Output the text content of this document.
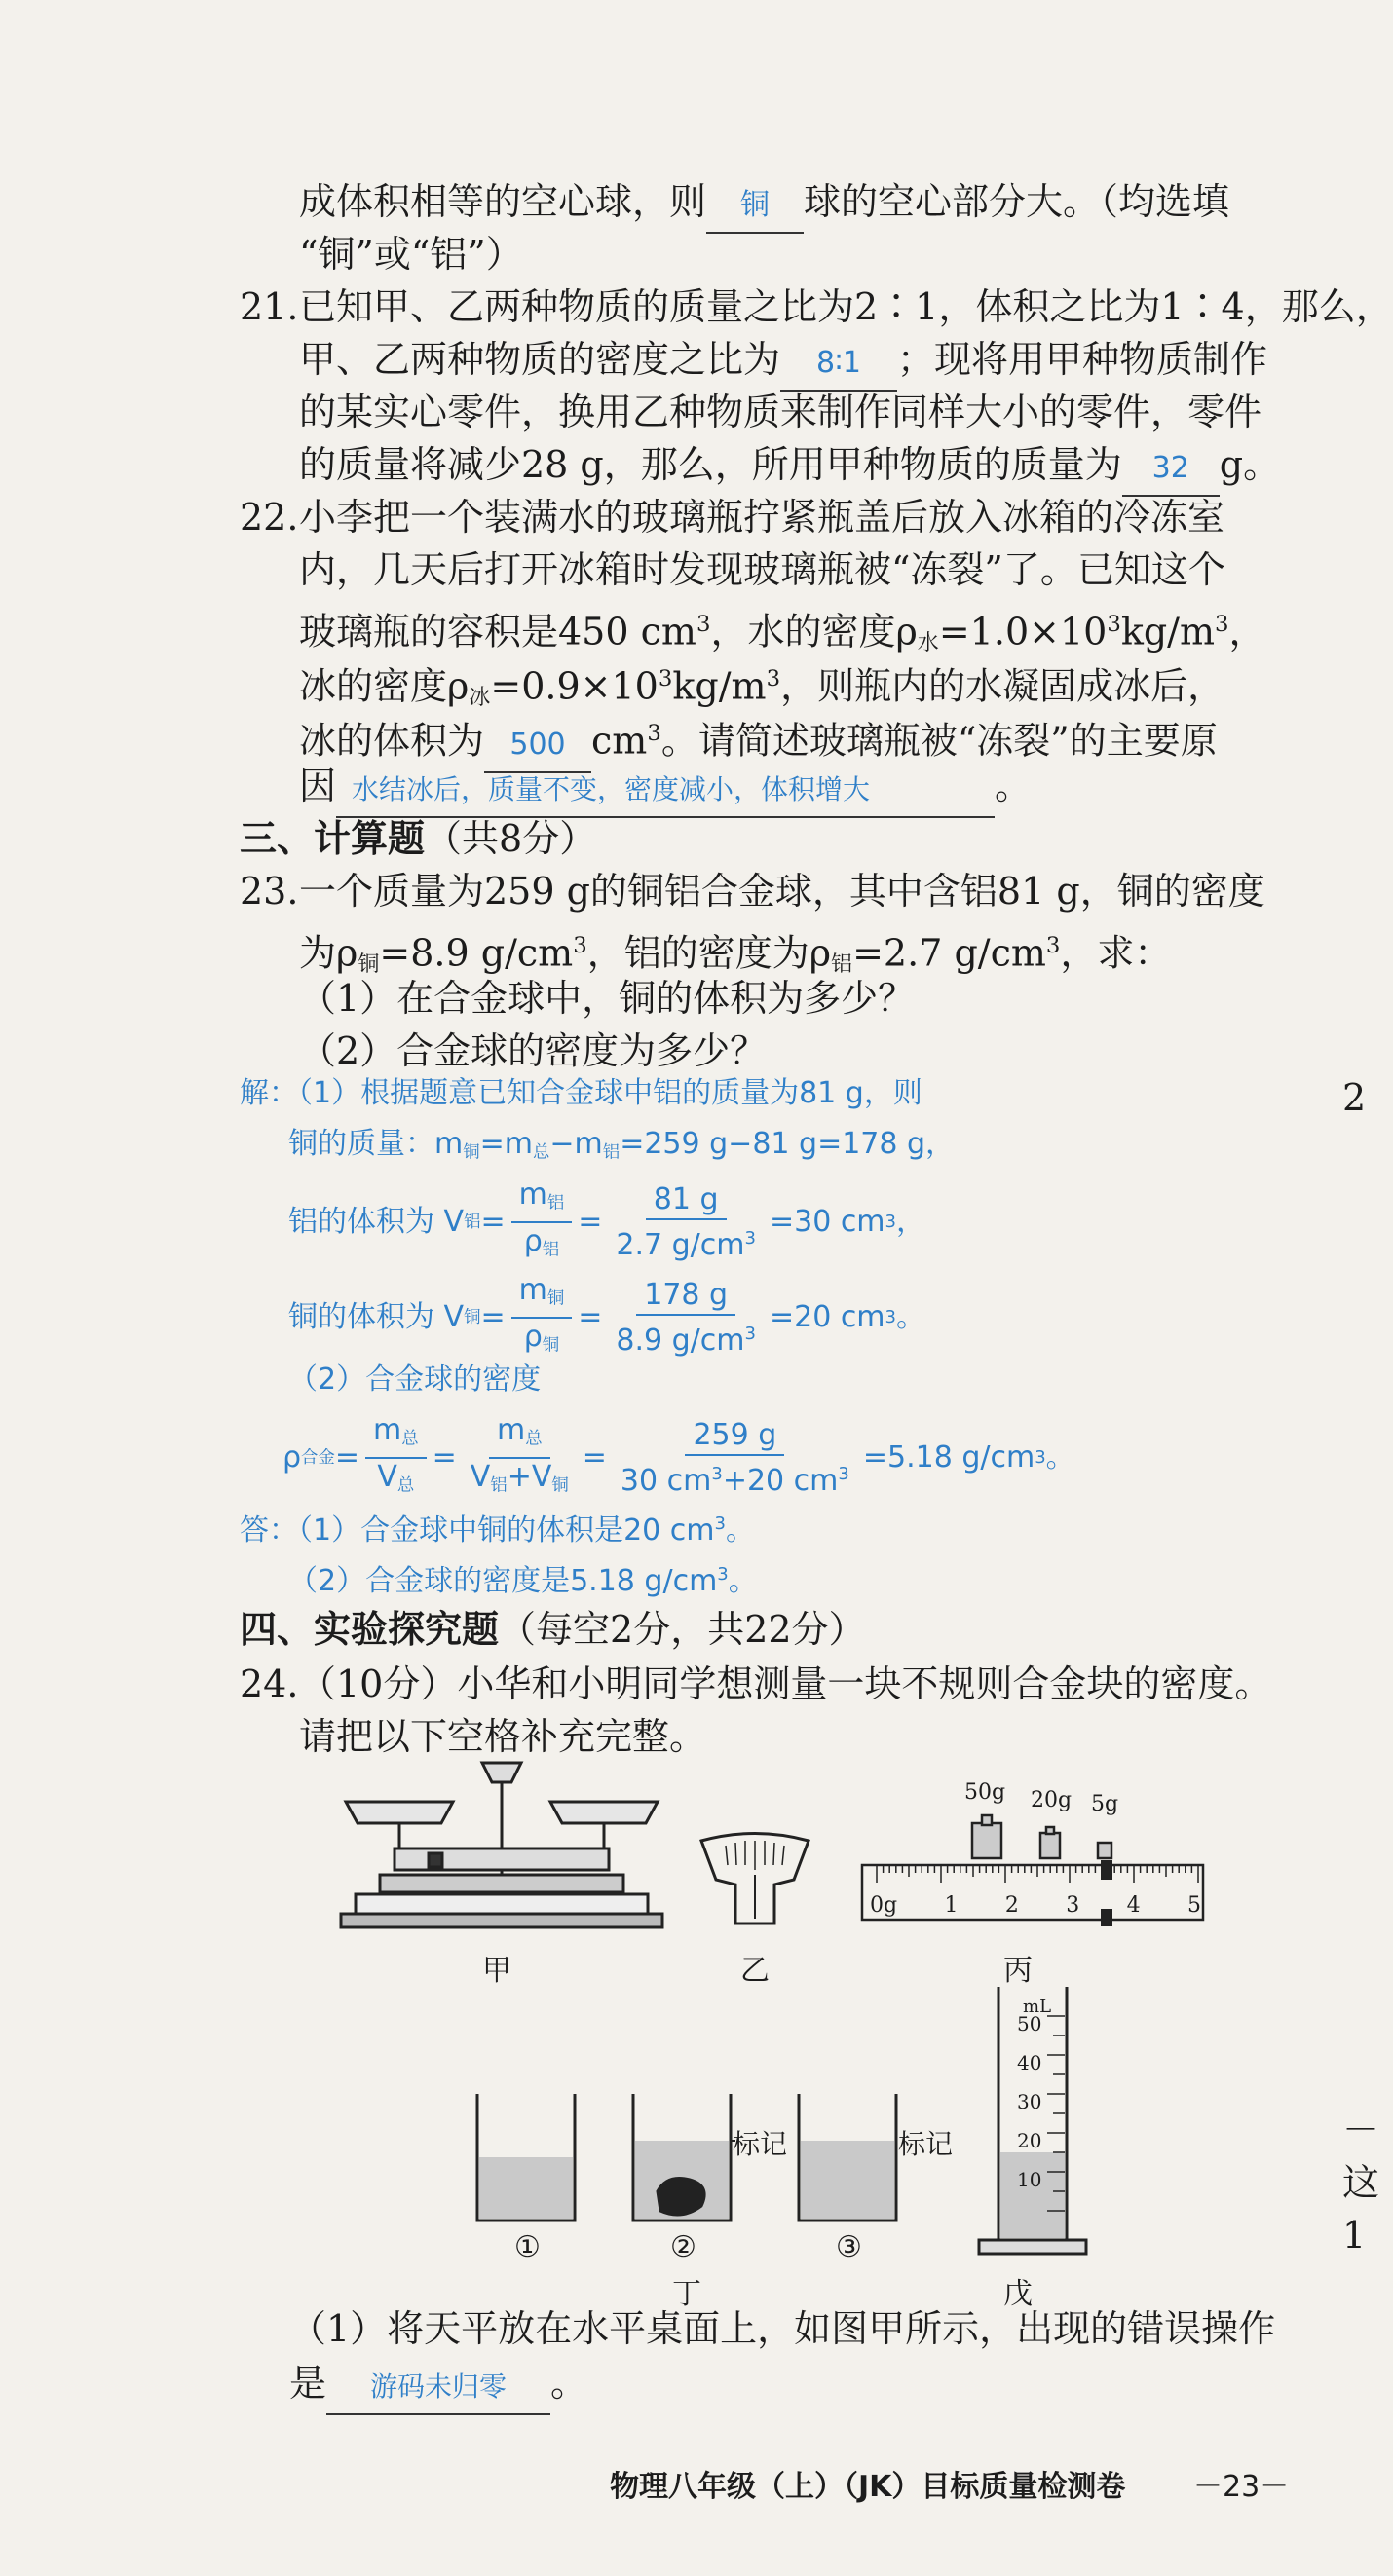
成体积相等的空心球，则 铜 球的空心部分大。（均选填
“铜”或“铝”）
21. 已知甲、乙两种物质的质量之比为2∶1，体积之比为1∶4，那么，
甲、乙两种物质的密度之比为 8∶1 ；现将用甲种物质制作
的某实心零件，换用乙种物质来制作同样大小的零件，零件
的质量将减少28 g，那么，所用甲种物质的质量为 32 g。
22. 小李把一个装满水的玻璃瓶拧紧瓶盖后放入冰箱的冷冻室
内，几天后打开冰箱时发现玻璃瓶被“冻裂”了。已知这个
玻璃瓶的容积是450 $cm^3$，水的密度$\rho_水=1.0\times 10^3kg/m^3$，
冰的密度$\rho_冰=0.9\times 10^3kg/m^3$，则瓶内的水凝固成冰后，
冰的体积为 500 $cm^3$。请简述玻璃瓶被“冻裂”的主要原
因 水结冰后，质量不变，密度减小，体积增大	。
三、计算题（共8分）
23. 一个质量为259 g的铜铝合金球，其中含铝81 g，铜的密度
为$\rho_铜=8.9$ $g/cm^3$，铝的密度为$\rho_铝=2.7$ $g/cm^3$，求：
（1）在合金球中，铜的体积为多少？
（2）合金球的密度为多少？
解：（1）根据题意已知合金球中铝的质量为81 g，则
铜的质量：$m_铜=m_总-m_铝=259$ g−81 g=178 g，
铝的体积为 V 铝 = $\frac{m_铝}{\rho_铝} = \frac{81 g}{2.7 g/cm^3} =30$ cm 3 ，
铜的体积为 V 铜 = $\frac{m_铜}{\rho_铜} = \frac{178 g}{8.9 g/cm^3} =20$ cm 3 。
（2）合金球的密度
ρ 合金 = $\frac{m_总}{V_总} = \frac{m_总}{V_铝+V_铜} = \frac{259 g}{30 cm^3+20 cm^3} =5.18$ g/cm 3 。
答：（1）合金球中铜的体积是20 $cm^3$。
（2）合金球的密度是5.18 $g/cm^3$。
四、实验探究题（每空2分，共22分）
24. （10分）小华和小明同学想测量一块不规则合金块的密度。
请把以下空格补充完整。
甲	乙
50g 20g 5g
0g 1 2 3 4 5
丙
标记	标记
①	②	③
丁
mL
50
40
30
20
10
戊
（1）将天平放在水平桌面上，如图甲所示，出现的错误操作
是 游码未归零 。
物理八年级（上）（JK）目标质量检测卷 －23－
2
－
这
1
